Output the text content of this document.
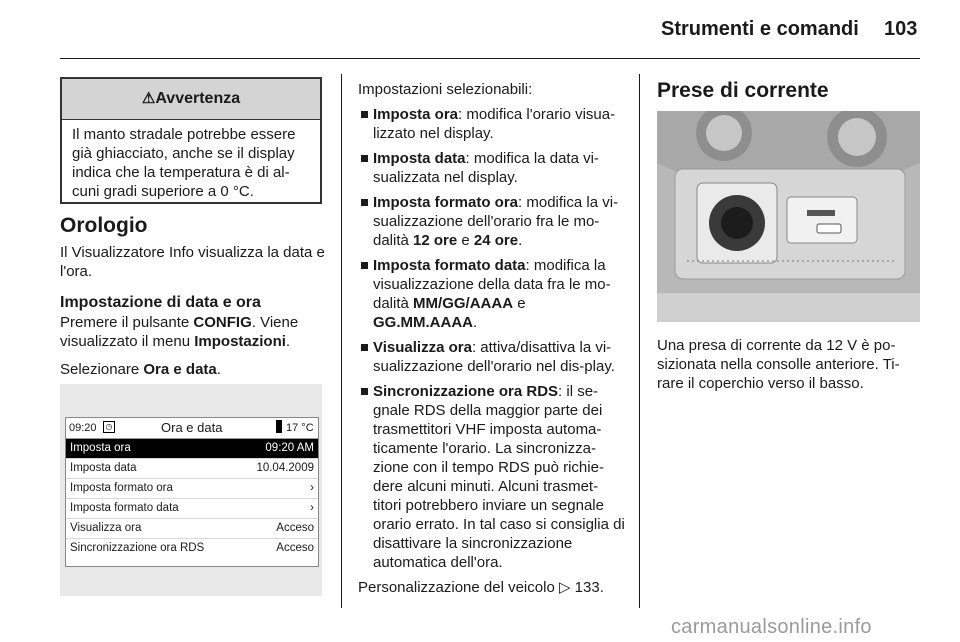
Strumenti e comandi 103
⚠Avvertenza
Il manto stradale potrebbe essere già ghiacciato, anche se il display indica che la temperatura è di al-cuni gradi superiore a 0 °C.
Orologio

Il Visualizzatore Info visualizza la data e l'ora.

Impostazione di data e ora

Premere il pulsante CONFIG. Viene visualizzato il menu Impostazioni.

Selezionare Ora e data.

09:20	◷	Ora e data	17 °C
Imposta ora	09:20 AM
Imposta data	10.04.2009
Imposta formato ora	›
Imposta formato data	›
Visualizza ora	Acceso
Sincronizzazione ora RDS	Acceso

Impostazioni selezionabili:

Imposta ora: modifica l'orario visua-lizzato nel display.
Imposta data: modifica la data vi-sualizzata nel display.
Imposta formato ora: modifica la vi-sualizzazione dell'orario fra le mo-dalità 12 ore e 24 ore.
Imposta formato data: modifica la visualizzazione della data fra le mo-dalità MM/GG/AAAA e GG.MM.AAAA.
Visualizza ora: attiva/disattiva la vi-sualizzazione dell'orario nel dis-play.
Sincronizzazione ora RDS: il se-gnale RDS della maggior parte dei trasmettitori VHF imposta automa-ticamente l'orario. La sincronizza-zione con il tempo RDS può richie-dere alcuni minuti. Alcuni trasmet-titori potrebbero inviare un segnale orario errato. In tal caso si consiglia di disattivare la sincronizzazione automatica dell'ora.

Personalizzazione del veicolo ▷ 133.

Prese di corrente
Una presa di corrente da 12 V è po-sizionata nella consolle anteriore. Ti-rare il coperchio verso il basso.
carmanualsonline.info
